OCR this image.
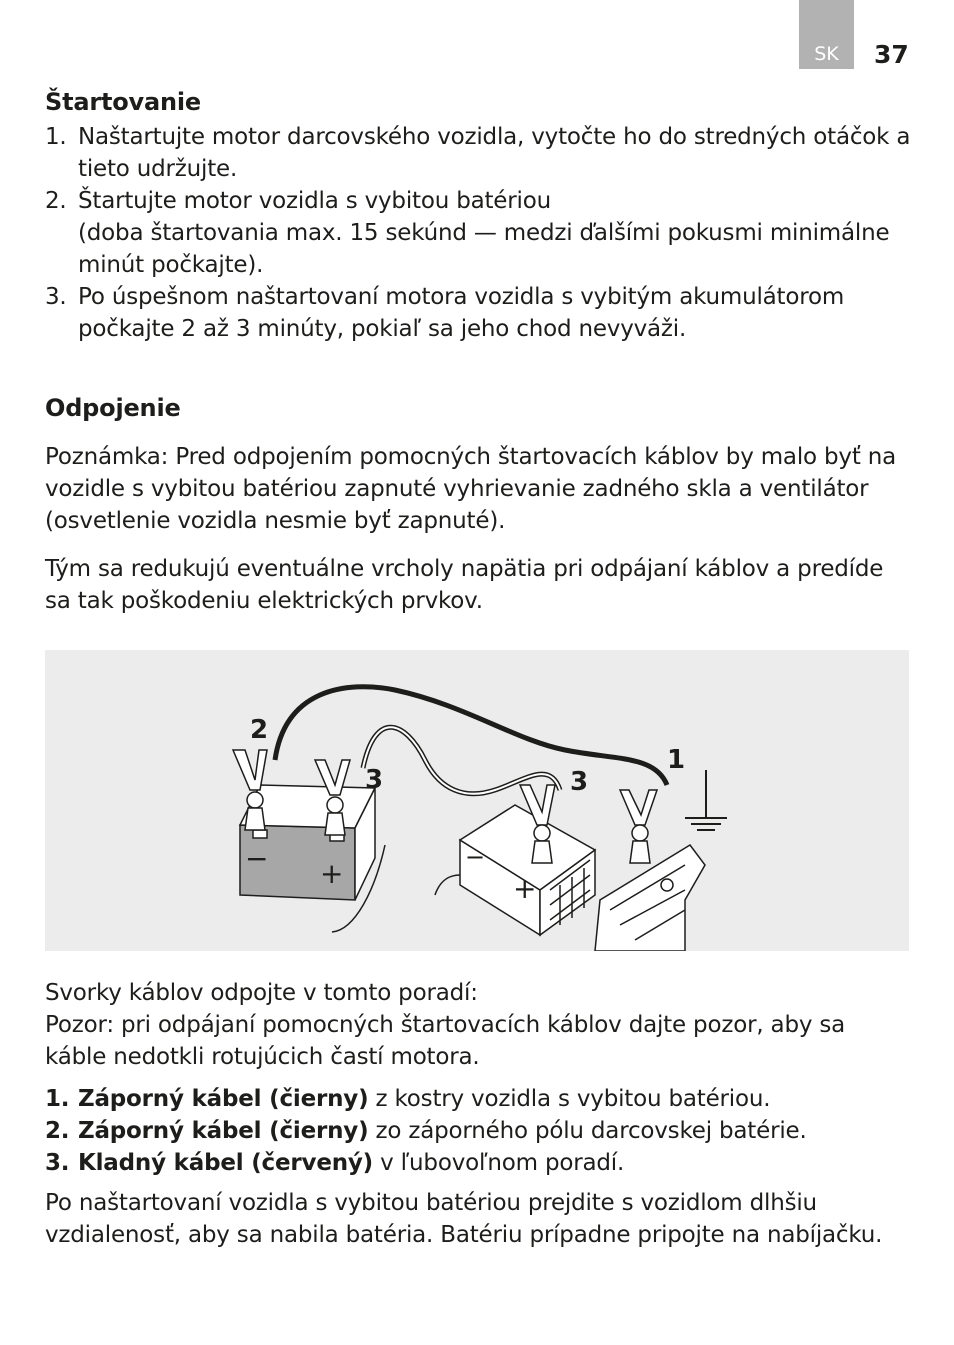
SK 37
Štartovanie
1. Naštartujte motor darcovského vozidla, vytočte ho do stredných otáčok a tieto udržujte.
2. Štartujte motor vozidla s vybitou batériou
(doba štartovania max. 15 sekúnd — medzi ďalšími pokusmi minimálne minút počkajte).
3. Po úspešnom naštartovaní motora vozidla s vybitým akumulátorom počkajte 2 až 3 minúty, pokiaľ sa jeho chod nevyváži.
Odpojenie

Poznámka: Pred odpojením pomocných štartovacích káblov by malo byť na vozidle s vybitou batériou zapnuté vyhrievanie zadného skla a ventilátor (osvetlenie vozidla nesmie byť zapnuté).

Tým sa redukujú eventuálne vrcholy napätia pri odpájaní káblov a predíde sa tak poškodeniu elektrických prvkov.

− +	−
+
2
3	3
1

Svorky káblov odpojte v tomto poradí:

Pozor: pri odpájaní pomocných štartovacích káblov dajte pozor, aby sa káble nedotkli rotujúcich častí motora.

1. Záporný kábel (čierny) z kostry vozidla s vybitou batériou.
2. Záporný kábel (čierny) zo záporného pólu darcovskej batérie.
3. Kladný kábel (červený) v ľubovoľnom poradí.

Po naštartovaní vozidla s vybitou batériou prejdite s vozidlom dlhšiu vzdialenosť, aby sa nabila batéria. Batériu prípadne pripojte na nabíjačku.
